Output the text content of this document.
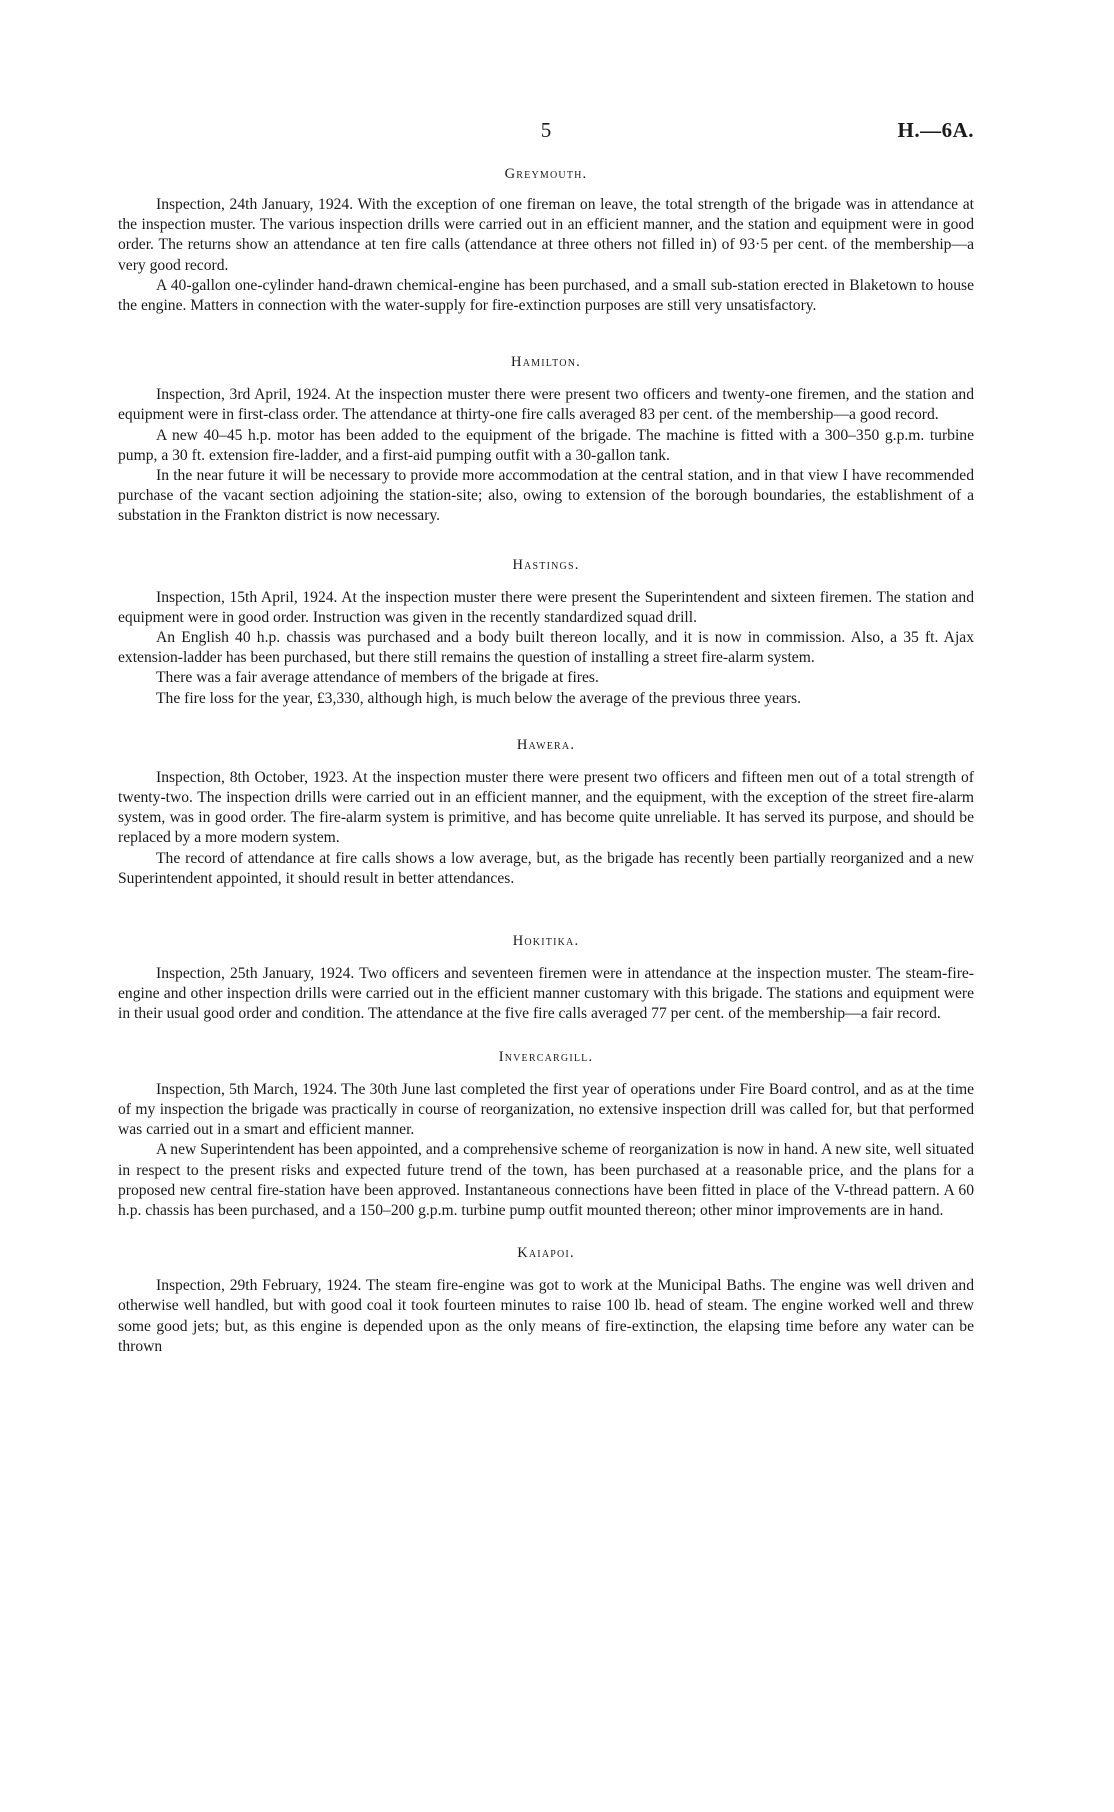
5	H.—6A.
Greymouth.

Inspection, 24th January, 1924. With the exception of one fireman on leave, the total strength of the brigade was in attendance at the inspection muster. The various inspection drills were carried out in an efficient manner, and the station and equipment were in good order. The returns show an attendance at ten fire calls (attendance at three others not filled in) of 93·5 per cent. of the membership—a very good record.

A 40-gallon one-cylinder hand-drawn chemical-engine has been purchased, and a small sub-station erected in Blaketown to house the engine. Matters in connection with the water-supply for fire-extinction purposes are still very unsatisfactory.

Hamilton.

Inspection, 3rd April, 1924. At the inspection muster there were present two officers and twenty-one firemen, and the station and equipment were in first-class order. The attendance at thirty-one fire calls averaged 83 per cent. of the membership—a good record.

A new 40–45 h.p. motor has been added to the equipment of the brigade. The machine is fitted with a 300–350 g.p.m. turbine pump, a 30 ft. extension fire-ladder, and a first-aid pumping outfit with a 30-gallon tank.

In the near future it will be necessary to provide more accommodation at the central station, and in that view I have recommended purchase of the vacant section adjoining the station-site; also, owing to extension of the borough boundaries, the establishment of a substation in the Frankton district is now necessary.

Hastings.

Inspection, 15th April, 1924. At the inspection muster there were present the Superintendent and sixteen firemen. The station and equipment were in good order. Instruction was given in the recently standardized squad drill.

An English 40 h.p. chassis was purchased and a body built thereon locally, and it is now in commission. Also, a 35 ft. Ajax extension-ladder has been purchased, but there still remains the question of installing a street fire-alarm system.

There was a fair average attendance of members of the brigade at fires.

The fire loss for the year, £3,330, although high, is much below the average of the previous three years.

Hawera.

Inspection, 8th October, 1923. At the inspection muster there were present two officers and fifteen men out of a total strength of twenty-two. The inspection drills were carried out in an efficient manner, and the equipment, with the exception of the street fire-alarm system, was in good order. The fire-alarm system is primitive, and has become quite unreliable. It has served its purpose, and should be replaced by a more modern system.

The record of attendance at fire calls shows a low average, but, as the brigade has recently been partially reorganized and a new Superintendent appointed, it should result in better attendances.

Hokitika.

Inspection, 25th January, 1924. Two officers and seventeen firemen were in attendance at the inspection muster. The steam-fire-engine and other inspection drills were carried out in the efficient manner customary with this brigade. The stations and equipment were in their usual good order and condition. The attendance at the five fire calls averaged 77 per cent. of the membership—a fair record.

Invercargill.

Inspection, 5th March, 1924. The 30th June last completed the first year of operations under Fire Board control, and as at the time of my inspection the brigade was practically in course of reorganization, no extensive inspection drill was called for, but that performed was carried out in a smart and efficient manner.

A new Superintendent has been appointed, and a comprehensive scheme of reorganization is now in hand. A new site, well situated in respect to the present risks and expected future trend of the town, has been purchased at a reasonable price, and the plans for a proposed new central fire-station have been approved. Instantaneous connections have been fitted in place of the V-thread pattern. A 60 h.p. chassis has been purchased, and a 150–200 g.p.m. turbine pump outfit mounted thereon; other minor improvements are in hand.

Kaiapoi.

Inspection, 29th February, 1924. The steam fire-engine was got to work at the Municipal Baths. The engine was well driven and otherwise well handled, but with good coal it took fourteen minutes to raise 100 lb. head of steam. The engine worked well and threw some good jets; but, as this engine is depended upon as the only means of fire-extinction, the elapsing time before any water can be thrown
